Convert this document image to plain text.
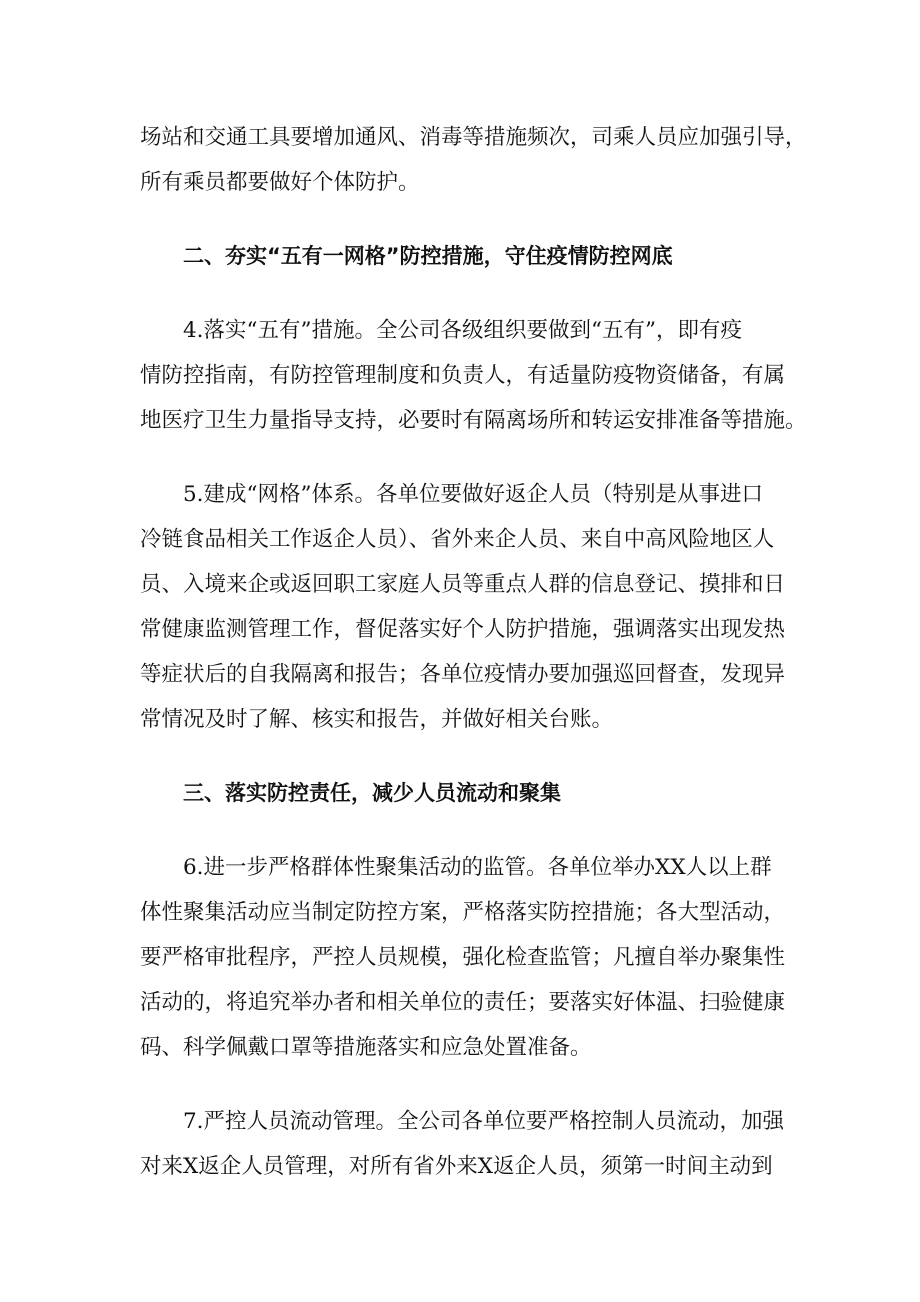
场站和交通工具要增加通风、消毒等措施频次，司乘人员应加强引导，
所有乘员都要做好个体防护。

二、夯实“五有一网格”防控措施，守住疫情防控网底

4.落实“五有”措施。全公司各级组织要做到“五有”，即有疫
情防控指南，有防控管理制度和负责人，有适量防疫物资储备，有属
地医疗卫生力量指导支持，必要时有隔离场所和转运安排准备等措施。

5.建成“网格”体系。各单位要做好返企人员（特别是从事进口
冷链食品相关工作返企人员）、省外来企人员、来自中高风险地区人
员、入境来企或返回职工家庭人员等重点人群的信息登记、摸排和日
常健康监测管理工作，督促落实好个人防护措施，强调落实出现发热
等症状后的自我隔离和报告；各单位疫情办要加强巡回督查，发现异
常情况及时了解、核实和报告，并做好相关台账。

三、落实防控责任，减少人员流动和聚集

6.进一步严格群体性聚集活动的监管。各单位举办XX人以上群
体性聚集活动应当制定防控方案，严格落实防控措施；各大型活动，
要严格审批程序，严控人员规模，强化检查监管；凡擅自举办聚集性
活动的，将追究举办者和相关单位的责任；要落实好体温、扫验健康
码、科学佩戴口罩等措施落实和应急处置准备。

7.严控人员流动管理。全公司各单位要严格控制人员流动，加强
对来X返企人员管理，对所有省外来X返企人员，须第一时间主动到
